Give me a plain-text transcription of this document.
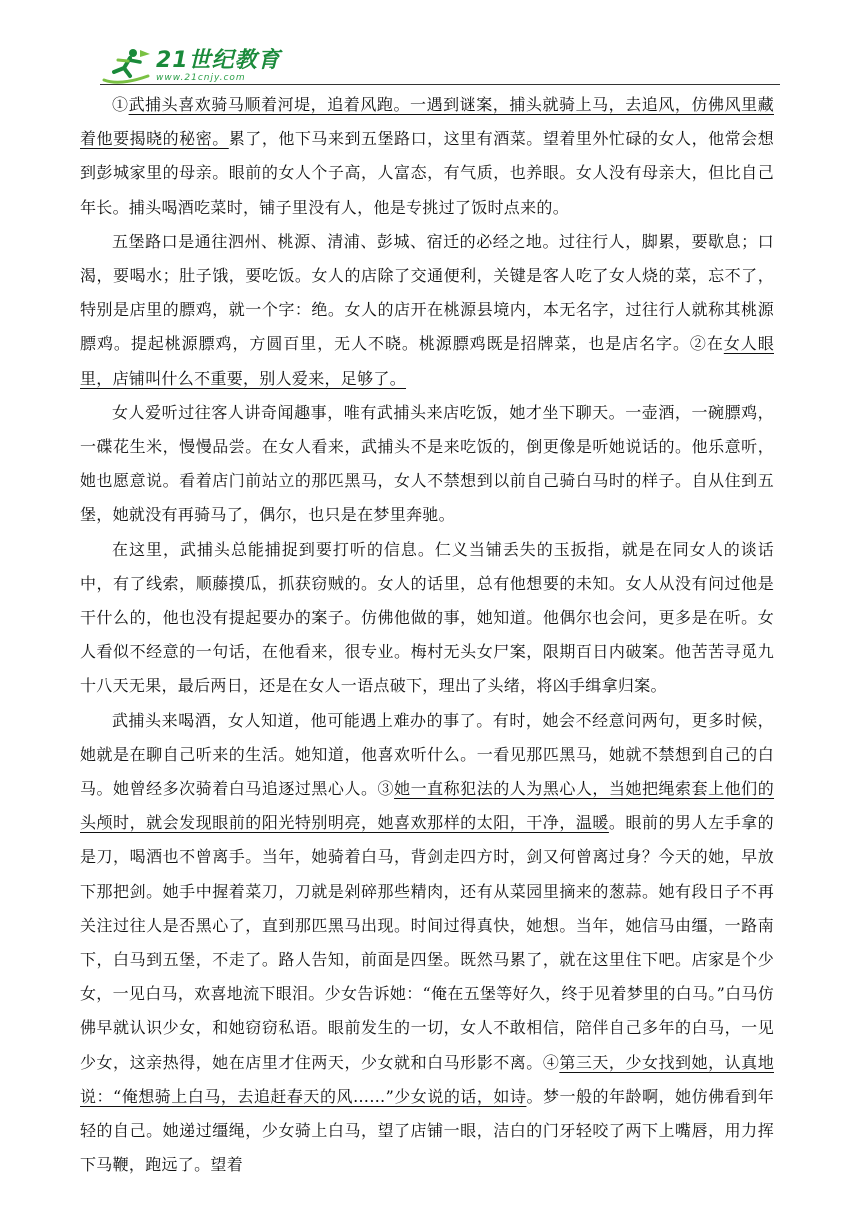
21世纪教育
www.21cnjy.com

①武捕头喜欢骑马顺着河堤，追着风跑。一遇到谜案，捕头就骑上马，去追风，仿佛风里藏着他要揭晓的秘密。累了，他下马来到五堡路口，这里有酒菜。望着里外忙碌的女人，他常会想到彭城家里的母亲。眼前的女人个子高，人富态，有气质，也养眼。女人没有母亲大，但比自己年长。捕头喝酒吃菜时，铺子里没有人，他是专挑过了饭时点来的。

五堡路口是通往泗州、桃源、清浦、彭城、宿迁的必经之地。过往行人，脚累，要歇息；口渴，要喝水；肚子饿，要吃饭。女人的店除了交通便利，关键是客人吃了女人烧的菜，忘不了，特别是店里的膘鸡，就一个字：绝。女人的店开在桃源县境内，本无名字，过往行人就称其桃源膘鸡。提起桃源膘鸡，方圆百里，无人不晓。桃源膘鸡既是招牌菜，也是店名字。②在女人眼里，店铺叫什么不重要，别人爱来，足够了。

女人爱听过往客人讲奇闻趣事，唯有武捕头来店吃饭，她才坐下聊天。一壶酒，一碗膘鸡，一碟花生米，慢慢品尝。在女人看来，武捕头不是来吃饭的，倒更像是听她说话的。他乐意听，她也愿意说。看着店门前站立的那匹黑马，女人不禁想到以前自己骑白马时的样子。自从住到五堡，她就没有再骑马了，偶尔，也只是在梦里奔驰。

在这里，武捕头总能捕捉到要打听的信息。仁义当铺丢失的玉扳指，就是在同女人的谈话中，有了线索，顺藤摸瓜，抓获窃贼的。女人的话里，总有他想要的未知。女人从没有问过他是干什么的，他也没有提起要办的案子。仿佛他做的事，她知道。他偶尔也会问，更多是在听。女人看似不经意的一句话，在他看来，很专业。梅村无头女尸案，限期百日内破案。他苦苦寻觅九十八天无果，最后两日，还是在女人一语点破下，理出了头绪，将凶手缉拿归案。

武捕头来喝酒，女人知道，他可能遇上难办的事了。有时，她会不经意问两句，更多时候，她就是在聊自己听来的生活。她知道，他喜欢听什么。一看见那匹黑马，她就不禁想到自己的白马。她曾经多次骑着白马追逐过黑心人。③她一直称犯法的人为黑心人，当她把绳索套上他们的头颅时，就会发现眼前的阳光特别明亮，她喜欢那样的太阳，干净，温暖。眼前的男人左手拿的是刀，喝酒也不曾离手。当年，她骑着白马，背剑走四方时，剑又何曾离过身？今天的她，早放下那把剑。她手中握着菜刀，刀就是剁碎那些精肉，还有从菜园里摘来的葱蒜。她有段日子不再关注过往人是否黑心了，直到那匹黑马出现。时间过得真快，她想。当年，她信马由缰，一路南下，白马到五堡，不走了。路人告知，前面是四堡。既然马累了，就在这里住下吧。店家是个少女，一见白马，欢喜地流下眼泪。少女告诉她：“俺在五堡等好久，终于见着梦里的白马。”白马仿佛早就认识少女，和她窃窃私语。眼前发生的一切，女人不敢相信，陪伴自己多年的白马，一见少女，这亲热得，她在店里才住两天，少女就和白马形影不离。④第三天，少女找到她，认真地说：“俺想骑上白马，去追赶春天的风……”少女说的话，如诗。梦一般的年龄啊，她仿佛看到年轻的自己。她递过缰绳，少女骑上白马，望了店铺一眼，洁白的门牙轻咬了两下上嘴唇，用力挥下马鞭，跑远了。望着
